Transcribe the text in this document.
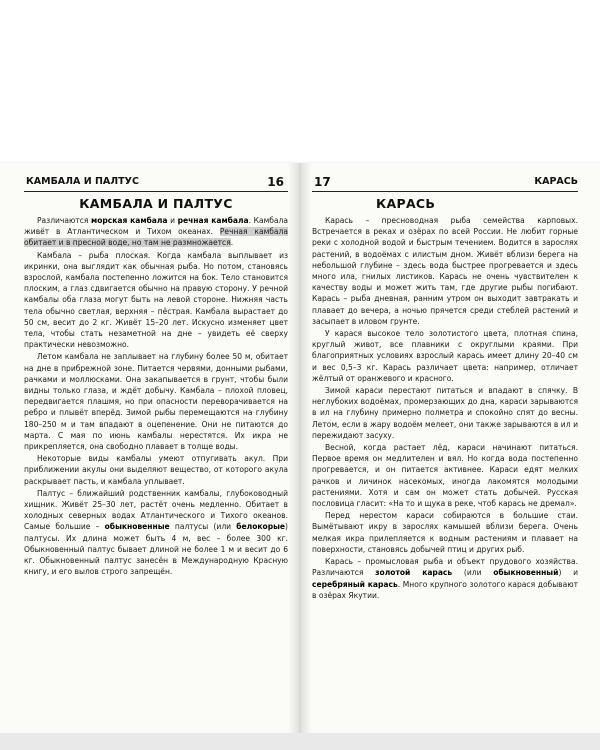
КАМБАЛА И ПАЛТУС	16
КАМБАЛА И ПАЛТУС

Различаются морская камбала и речная камбала. Камбала живёт в Атлантическом и Тихом океанах. Речная камбала обитает и в пресной воде, но там не размножается.

Камбала – рыба плоская. Когда камбала выплывает из икринки, она выглядит как обычная рыба. Но потом, становясь взрослой, камбала постепенно ложится на бок. Тело становится плоским, а глаз сдвигается обычно на правую сторону. У речной камбалы оба глаза могут быть на левой стороне. Нижняя часть тела обычно светлая, верхняя – пёстрая. Камбала вырастает до 50 см, весит до 2 кг. Живёт 15–20 лет. Искусно изменяет цвет тела, чтобы стать незаметной на дне – увидеть её сверху практически невозможно.

Летом камбала не заплывает на глубину более 50 м, обитает на дне в прибрежной зоне. Питается червями, донными рыбами, рачками и моллюсками. Она закапывается в грунт, чтобы были видны только глаза, и ждёт добычу. Камбала – плохой пловец, передвигается плашмя, но при опасности переворачивается на ребро и плывёт вперёд. Зимой рыбы перемещаются на глубину 180–250 м и там впадают в оцепенение. Они не питаются до марта. С мая по июнь камбалы нерестятся. Их икра не прикрепляется, она свободно плавает в толще воды.

Некоторые виды камбалы умеют отпугивать акул. При приближении акулы они выделяют вещество, от которого акула раскрывает пасть, и камбала уплывает.

Палтус – ближайший родственник камбалы, глубоководный хищник. Живёт 25–30 лет, растёт очень медленно. Обитает в холодных северных водах Атлантического и Тихого океанов. Самые большие – обыкновенные палтусы (или белокорые) палтусы. Их длина может быть 4 м, вес – более 300 кг. Обыкновенный палтус бывает длиной не более 1 м и весит до 6 кг. Обыкновенный палтус занесён в Международную Красную книгу, и его вылов строго запрещён.

17	КАРАСЬ
КАРАСЬ

Карась – пресноводная рыба семейства карповых. Встречается в реках и озёрах по всей России. Не любит горные реки с холодной водой и быстрым течением. Водится в зарослях растений, в водоёмах с илистым дном. Живёт вблизи берега на небольшой глубине – здесь вода быстрее прогревается и здесь много ила, гнилых листиков. Карась не очень чувствителен к качеству воды и может жить там, где другие рыбы погибают. Карась – рыба дневная, ранним утром он выходит завтракать и плавает до вечера, а ночью прячется среди стеблей растений и засыпает в иловом грунте.

У карася высокое тело золотистого цвета, плотная спина, круглый живот, все плавники с округлыми краями. При благоприятных условиях взрослый карась имеет длину 20–40 см и вес 0,5–3 кг. Карась различает цвета: например, отличает жёлтый от оранжевого и красного.

Зимой караси перестают питаться и впадают в спячку. В неглубоких водоёмах, промерзающих до дна, караси зарываются в ил на глубину примерно полметра и спокойно спят до весны. Летом, если в жару водоём мелеет, они также зарываются в ил и пережидают засуху.

Весной, когда растает лёд, караси начинают питаться. Первое время он медлителен и вял. Но когда вода постепенно прогревается, и он питается активнее. Караси едят мелких рачков и личинок насекомых, иногда лакомятся молодыми растениями. Хотя и сам он может стать добычей. Русская пословица гласит: «На то и щука в реке, чтоб карась не дремал».

Перед нерестом караси собираются в большие стаи. Вымётывают икру в зарослях камышей вблизи берега. Очень мелкая икра прилепляется к водным растениям и плавает на поверхности, становясь добычей птиц и других рыб.

Карась – промысловая рыба и объект прудового хозяйства. Различаются золотой карась (или обыкновенный) и серебряный карась. Много крупного золотого карася добывают в озёрах Якутии.
